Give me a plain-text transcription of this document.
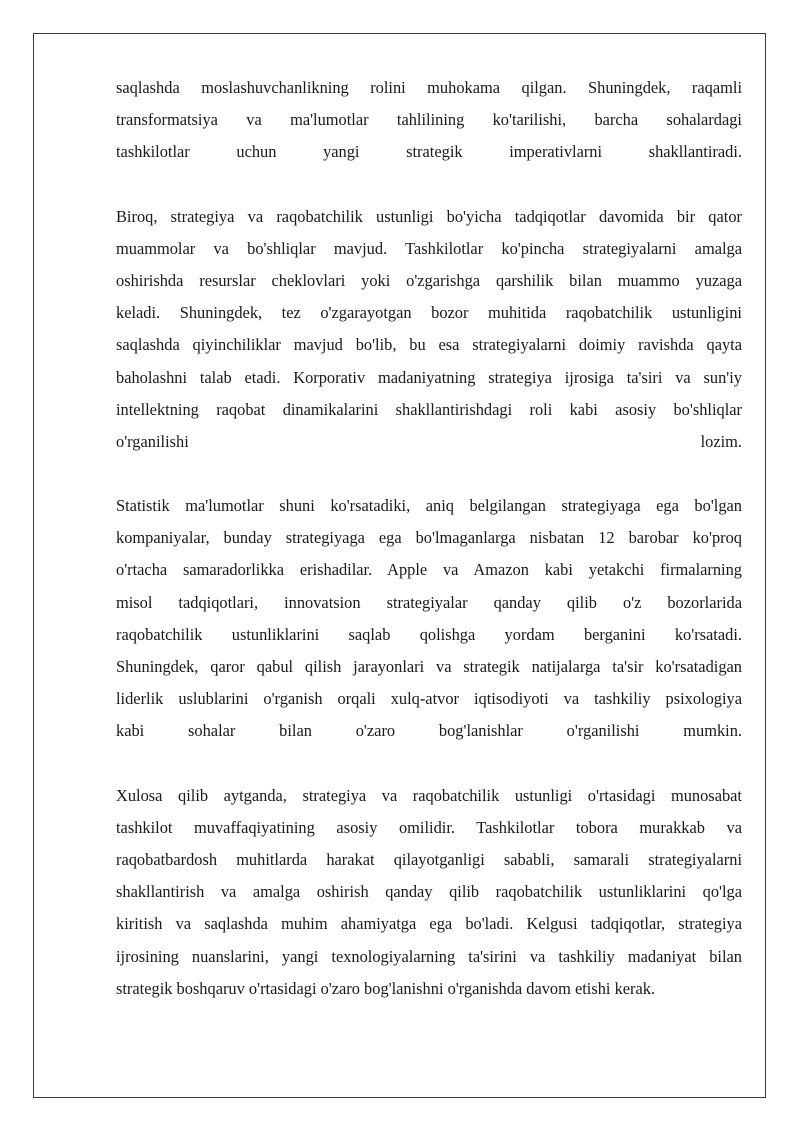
saqlashda moslashuvchanlikning rolini muhokama qilgan. Shuningdek, raqamli
transformatsiya va ma'lumotlar tahlilining ko'tarilishi, barcha sohalardagi
tashkilotlar uchun yangi strategik imperativlarni shakllantiradi.

Biroq, strategiya va raqobatchilik ustunligi bo'yicha tadqiqotlar davomida bir qator
muammolar va bo'shliqlar mavjud. Tashkilotlar ko'pincha strategiyalarni amalga
oshirishda resurslar cheklovlari yoki o'zgarishga qarshilik bilan muammo yuzaga
keladi. Shuningdek, tez o'zgarayotgan bozor muhitida raqobatchilik ustunligini
saqlashda qiyinchiliklar mavjud bo'lib, bu esa strategiyalarni doimiy ravishda qayta
baholashni talab etadi. Korporativ madaniyatning strategiya ijrosiga ta'siri va sun'iy
intellektning raqobat dinamikalarini shakllantirishdagi roli kabi asosiy bo'shliqlar
o'rganilishi lozim.

Statistik ma'lumotlar shuni ko'rsatadiki, aniq belgilangan strategiyaga ega bo'lgan
kompaniyalar, bunday strategiyaga ega bo'lmaganlarga nisbatan 12 barobar ko'proq
o'rtacha samaradorlikka erishadilar. Apple va Amazon kabi yetakchi firmalarning
misol tadqiqotlari, innovatsion strategiyalar qanday qilib o'z bozorlarida
raqobatchilik ustunliklarini saqlab qolishga yordam berganini ko'rsatadi.
Shuningdek, qaror qabul qilish jarayonlari va strategik natijalarga ta'sir ko'rsatadigan
liderlik uslublarini o'rganish orqali xulq-atvor iqtisodiyoti va tashkiliy psixologiya
kabi sohalar bilan o'zaro bog'lanishlar o'rganilishi mumkin.

Xulosa qilib aytganda, strategiya va raqobatchilik ustunligi o'rtasidagi munosabat
tashkilot muvaffaqiyatining asosiy omilidir. Tashkilotlar tobora murakkab va
raqobatbardosh muhitlarda harakat qilayotganligi sababli, samarali strategiyalarni
shakllantirish va amalga oshirish qanday qilib raqobatchilik ustunliklarini qo'lga
kiritish va saqlashda muhim ahamiyatga ega bo'ladi. Kelgusi tadqiqotlar, strategiya
ijrosining nuanslarini, yangi texnologiyalarning ta'sirini va tashkiliy madaniyat bilan
strategik boshqaruv o'rtasidagi o'zaro bog'lanishni o'rganishda davom etishi kerak.
